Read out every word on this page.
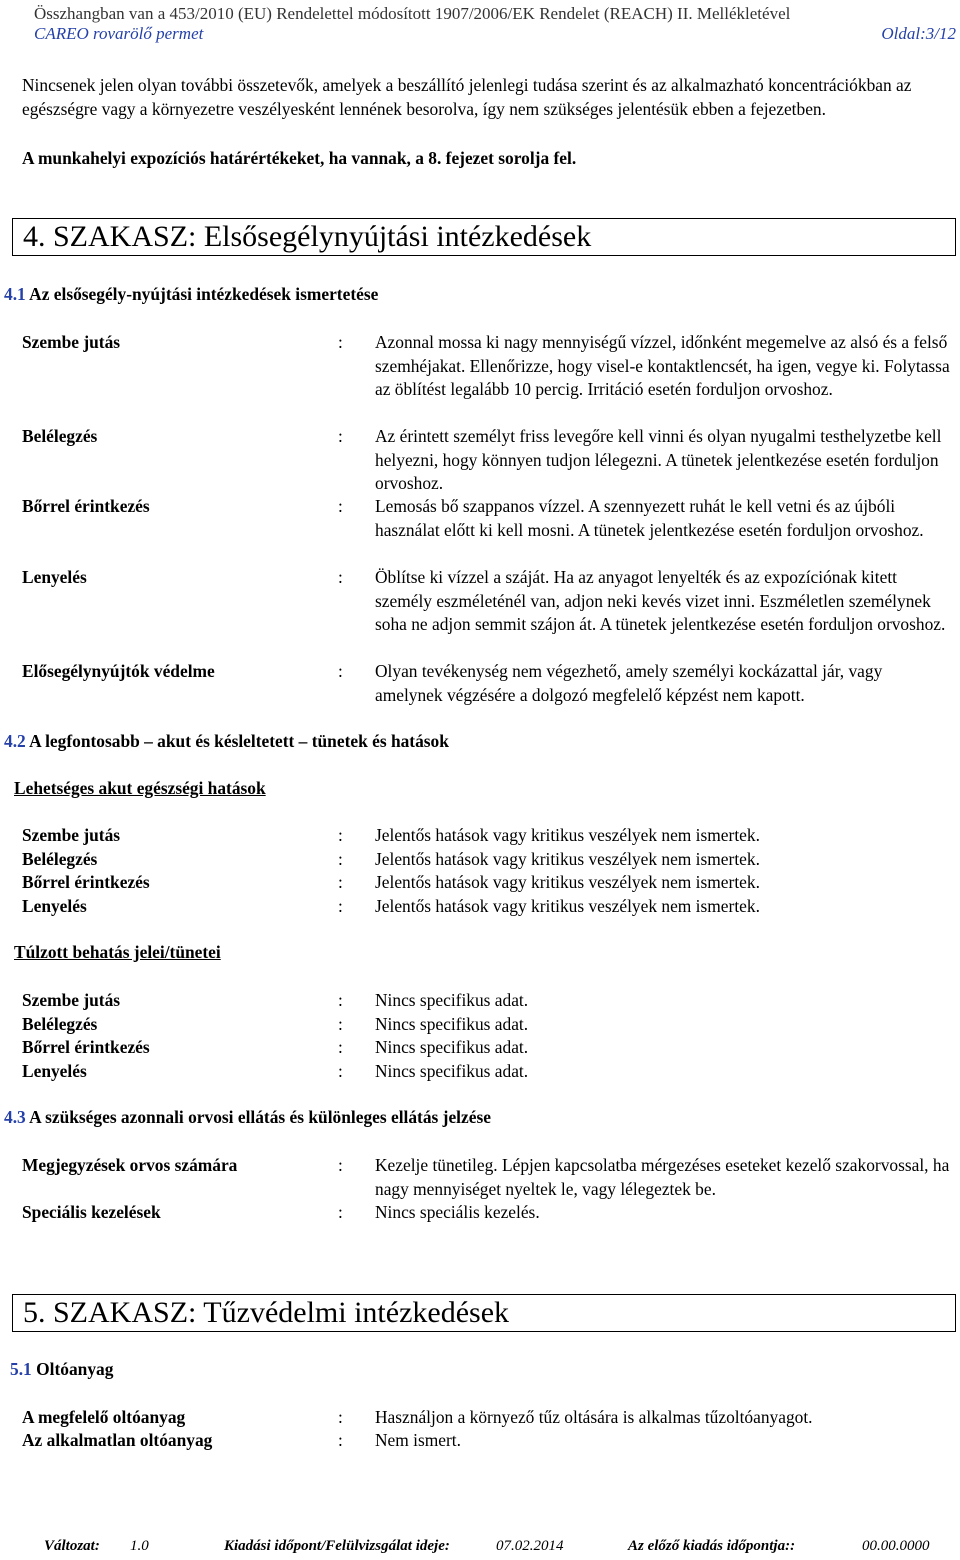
Összhangban van a 453/2010 (EU) Rendelettel módosított 1907/2006/EK Rendelet (REACH) II. Mellékletével
CAREO rovarölő permet	Oldal:3/12
Nincsenek jelen olyan további összetevők, amelyek a beszállító jelenlegi tudása szerint és az alkalmazható koncentrációkban az egészségre vagy a környezetre veszélyesként lennének besorolva, így nem szükséges jelentésük ebben a fejezetben.
A munkahelyi expozíciós határértékeket, ha vannak, a 8. fejezet sorolja fel.
4. SZAKASZ: Elsősegélynyújtási intézkedések
4.1 Az elsősegély-nyújtási intézkedések ismertetése
Szembe jutás	: Azonnal mossa ki nagy mennyiségű vízzel, időnként megemelve az alsó és a felső szemhéjakat. Ellenőrizze, hogy visel-e kontaktlencsét, ha igen, vegye ki. Folytassa az öblítést legalább 10 percig. Irritáció esetén forduljon orvoshoz.
Belélegzés	: Az érintett személyt friss levegőre kell vinni és olyan nyugalmi testhelyzetbe kell helyezni, hogy könnyen tudjon lélegezni. A tünetek jelentkezése esetén forduljon orvoshoz.
Bőrrel érintkezés	: Lemosás bő szappanos vízzel. A szennyezett ruhát le kell vetni és az újbóli használat előtt ki kell mosni. A tünetek jelentkezése esetén forduljon orvoshoz.
Lenyelés	: Öblítse ki vízzel a száját. Ha az anyagot lenyelték és az expozíciónak kitett személy eszméleténél van, adjon neki kevés vizet inni. Eszméletlen személynek soha ne adjon semmit szájon át. A tünetek jelentkezése esetén forduljon orvoshoz.
Elősegélynyújtók védelme	: Olyan tevékenység nem végezhető, amely személyi kockázattal jár, vagy amelynek végzésére a dolgozó megfelelő képzést nem kapott.
4.2 A legfontosabb – akut és késleltetett – tünetek és hatások
Lehetséges akut egészségi hatások
Szembe jutás	: Jelentős hatások vagy kritikus veszélyek nem ismertek.
Belélegzés	: Jelentős hatások vagy kritikus veszélyek nem ismertek.
Bőrrel érintkezés	: Jelentős hatások vagy kritikus veszélyek nem ismertek.
Lenyelés	: Jelentős hatások vagy kritikus veszélyek nem ismertek.
Túlzott behatás jelei/tünetei
Szembe jutás	: Nincs specifikus adat.
Belélegzés	: Nincs specifikus adat.
Bőrrel érintkezés	: Nincs specifikus adat.
Lenyelés	: Nincs specifikus adat.
4.3 A szükséges azonnali orvosi ellátás és különleges ellátás jelzése
Megjegyzések orvos számára	: Kezelje tünetileg. Lépjen kapcsolatba mérgezéses eseteket kezelő szakorvossal, ha nagy mennyiséget nyeltek le, vagy lélegeztek be.
Speciális kezelések	: Nincs speciális kezelés.
5. SZAKASZ: Tűzvédelmi intézkedések
5.1 Oltóanyag
A megfelelő oltóanyag	: Használjon a környező tűz oltására is alkalmas tűzoltóanyagot.
Az alkalmatlan oltóanyag	: Nem ismert.
Változat: 1.0	Kiadási időpont/Felülvizsgálat ideje:	07.02.2014	Az előző kiadás időpontja::	00.00.0000
